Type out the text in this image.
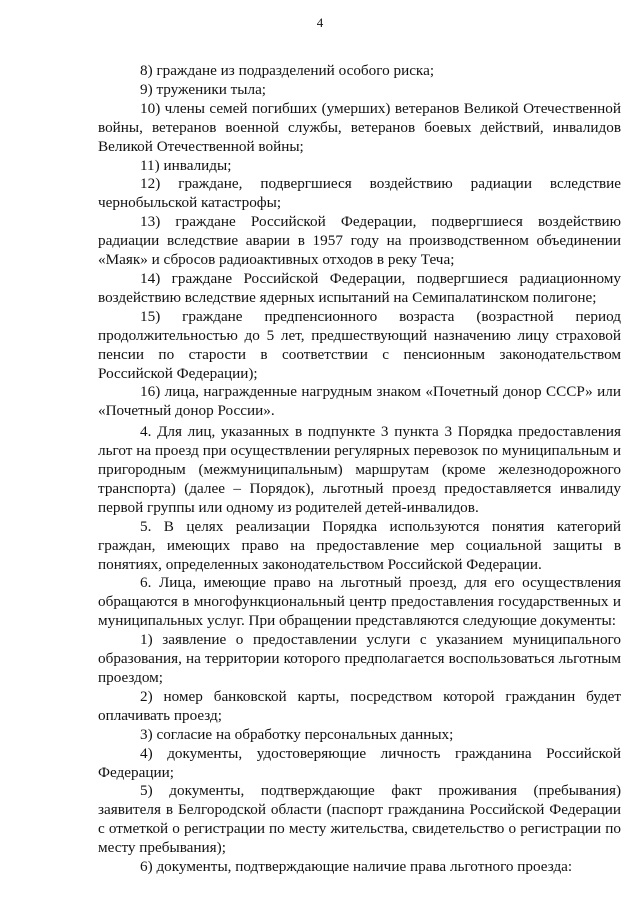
4

8) граждане из подразделений особого риска;

9) труженики тыла;

10) члены семей погибших (умерших) ветеранов Великой Отечественной войны, ветеранов военной службы, ветеранов боевых действий, инвалидов Великой Отечественной войны;

11) инвалиды;

12) граждане, подвергшиеся воздействию радиации вследствие чернобыльской катастрофы;

13) граждане Российской Федерации, подвергшиеся воздействию радиации вследствие аварии в 1957 году на производственном объединении «Маяк» и сбросов радиоактивных отходов в реку Теча;

14) граждане Российской Федерации, подвергшиеся радиационному воздействию вследствие ядерных испытаний на Семипалатинском полигоне;

15) граждане предпенсионного возраста (возрастной период продолжительностью до 5 лет, предшествующий назначению лицу страховой пенсии по старости в соответствии с пенсионным законодательством Российской Федерации);

16) лица, награжденные нагрудным знаком «Почетный донор СССР» или «Почетный донор России».

4. Для лиц, указанных в подпункте 3 пункта 3 Порядка предоставления льгот на проезд при осуществлении регулярных перевозок по муниципальным и пригородным (межмуниципальным) маршрутам (кроме железнодорожного транспорта) (далее – Порядок), льготный проезд предоставляется инвалиду первой группы или одному из родителей детей-инвалидов.

5. В целях реализации Порядка используются понятия категорий граждан, имеющих право на предоставление мер социальной защиты в понятиях, определенных законодательством Российской Федерации.

6. Лица, имеющие право на льготный проезд, для его осуществления обращаются в многофункциональный центр предоставления государственных и муниципальных услуг. При обращении представляются следующие документы:

1) заявление о предоставлении услуги с указанием муниципального образования, на территории которого предполагается воспользоваться льготным проездом;

2) номер банковской карты, посредством которой гражданин будет оплачивать проезд;

3) согласие на обработку персональных данных;

4) документы, удостоверяющие личность гражданина Российской Федерации;

5) документы, подтверждающие факт проживания (пребывания) заявителя в Белгородской области (паспорт гражданина Российской Федерации с отметкой о регистрации по месту жительства, свидетельство о регистрации по месту пребывания);

6) документы, подтверждающие наличие права льготного проезда:
